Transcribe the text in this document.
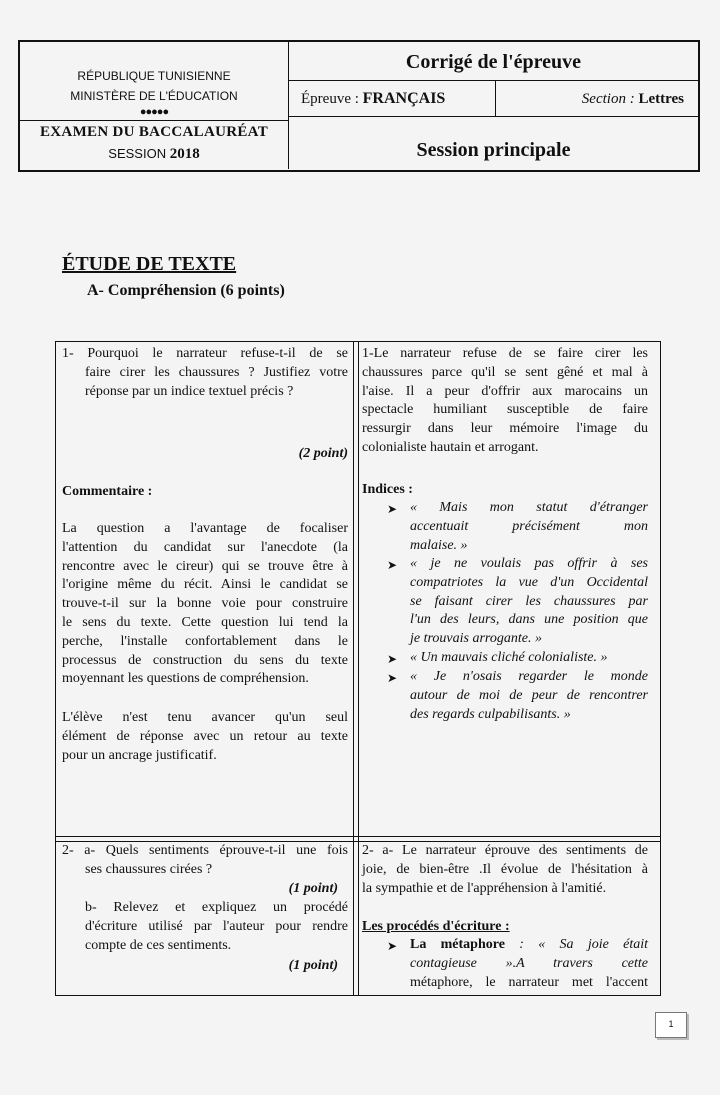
RÉPUBLIQUE TUNISIENNE
MINISTÈRE DE L'ÉDUCATION
●●●●●
EXAMEN DU BACCALAURÉAT
SESSION 2018
Corrigé de l'épreuve
Épreuve : FRANÇAIS	Section : Lettres
Session principale
ÉTUDE DE TEXTE
A- Compréhension (6 points)
1- Pourquoi le narrateur refuse-t-il de se
faire cirer les chaussures ? Justifiez votre
réponse par un indice textuel précis ?
(2 point)
Commentaire :
La question a l'avantage de focaliser
l'attention du candidat sur l'anecdote (la
rencontre avec le cireur) qui se trouve être à
l'origine même du récit. Ainsi le candidat se
trouve-t-il sur la bonne voie pour construire
le sens du texte. Cette question lui tend la
perche, l'installe confortablement dans le
processus de construction du sens du texte
moyennant les questions de compréhension.
L'élève n'est tenu avancer qu'un seul
élément de réponse avec un retour au texte
pour un ancrage justificatif.
1-Le narrateur refuse de se faire cirer les
chaussures parce qu'il se sent gêné et mal à
l'aise. Il a peur d'offrir aux marocains un
spectacle humiliant susceptible de faire
ressurgir dans leur mémoire l'image du
colonialiste hautain et arrogant.
Indices :
➤ « Mais mon statut d'étranger
accentuait précisément mon
malaise. »
➤ « je ne voulais pas offrir à ses
compatriotes la vue d'un Occidental
se faisant cirer les chaussures par
l'un des leurs, dans une position que
je trouvais arrogante. »
➤ « Un mauvais cliché colonialiste. »
➤ « Je n'osais regarder le monde
autour de moi de peur de rencontrer
des regards culpabilisants. »
2- a- Quels sentiments éprouve-t-il une fois
ses chaussures cirées ?
(1 point)
b- Relevez et expliquez un procédé
d'écriture utilisé par l'auteur pour rendre
compte de ces sentiments.
(1 point)
2- a- Le narrateur éprouve des sentiments de
joie, de bien-être .Il évolue de l'hésitation à
la sympathie et de l'appréhension à l'amitié.
Les procédés d'écriture :
➤ La métaphore : « Sa joie était
contagieuse ».A travers cette
métaphore, le narrateur met l'accent
1
